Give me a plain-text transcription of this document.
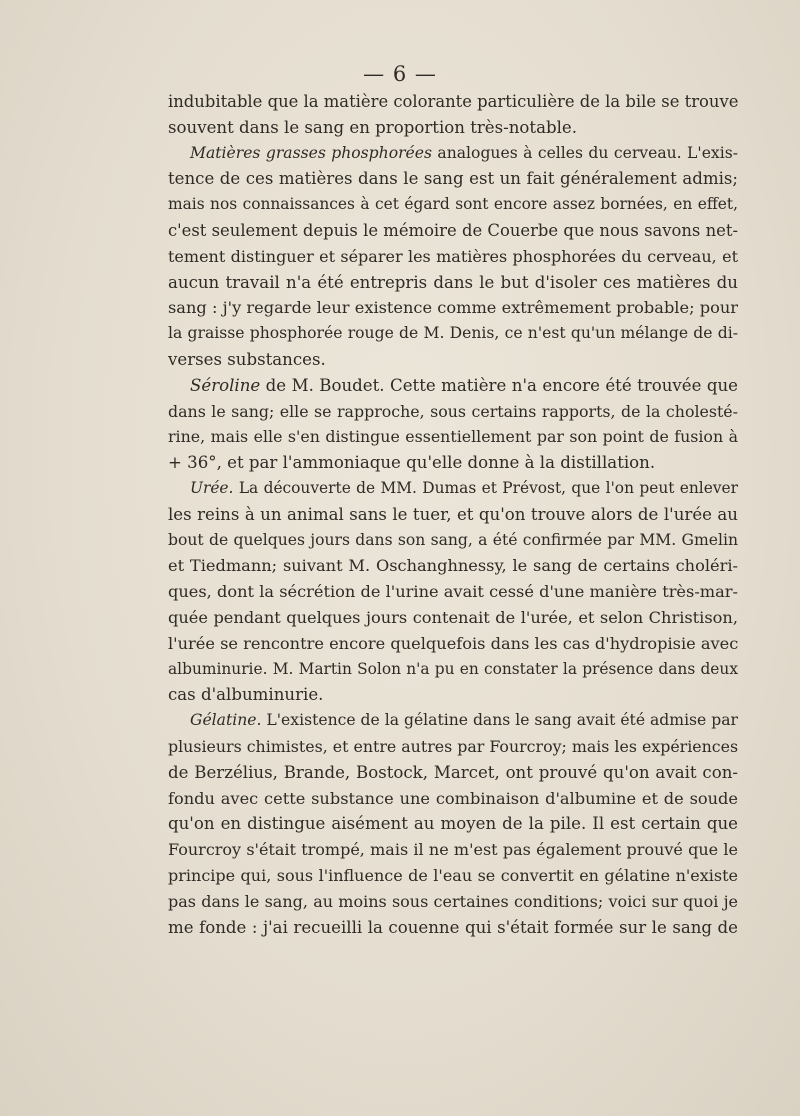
— 6 —
indubitable que la matière colorante particulière de la bile se trouve
souvent dans le sang en proportion très-notable.
Matières grasses phosphorées analogues à celles du cerveau. L'exis-
tence de ces matières dans le sang est un fait généralement admis;
mais nos connaissances à cet égard sont encore assez bornées, en effet,
c'est seulement depuis le mémoire de Couerbe que nous savons net-
tement distinguer et séparer les matières phosphorées du cerveau, et
aucun travail n'a été entrepris dans le but d'isoler ces matières du
sang : j'y regarde leur existence comme extrêmement probable; pour
la graisse phosphorée rouge de M. Denis, ce n'est qu'un mélange de di-
verses substances.
Séroline de M. Boudet. Cette matière n'a encore été trouvée que
dans le sang; elle se rapproche, sous certains rapports, de la cholesté-
rine, mais elle s'en distingue essentiellement par son point de fusion à
+ 36°, et par l'ammoniaque qu'elle donne à la distillation.
Urée. La découverte de MM. Dumas et Prévost, que l'on peut enlever
les reins à un animal sans le tuer, et qu'on trouve alors de l'urée au
bout de quelques jours dans son sang, a été confirmée par MM. Gmelin
et Tiedmann; suivant M. Oschanghnessy, le sang de certains choléri-
ques, dont la sécrétion de l'urine avait cessé d'une manière très-mar-
quée pendant quelques jours contenait de l'urée, et selon Christison,
l'urée se rencontre encore quelquefois dans les cas d'hydropisie avec
albuminurie. M. Martin Solon n'a pu en constater la présence dans deux
cas d'albuminurie.
Gélatine. L'existence de la gélatine dans le sang avait été admise par
plusieurs chimistes, et entre autres par Fourcroy; mais les expériences
de Berzélius, Brande, Bostock, Marcet, ont prouvé qu'on avait con-
fondu avec cette substance une combinaison d'albumine et de soude
qu'on en distingue aisément au moyen de la pile. Il est certain que
Fourcroy s'était trompé, mais il ne m'est pas également prouvé que le
principe qui, sous l'influence de l'eau se convertit en gélatine n'existe
pas dans le sang, au moins sous certaines conditions; voici sur quoi je
me fonde : j'ai recueilli la couenne qui s'était formée sur le sang de
